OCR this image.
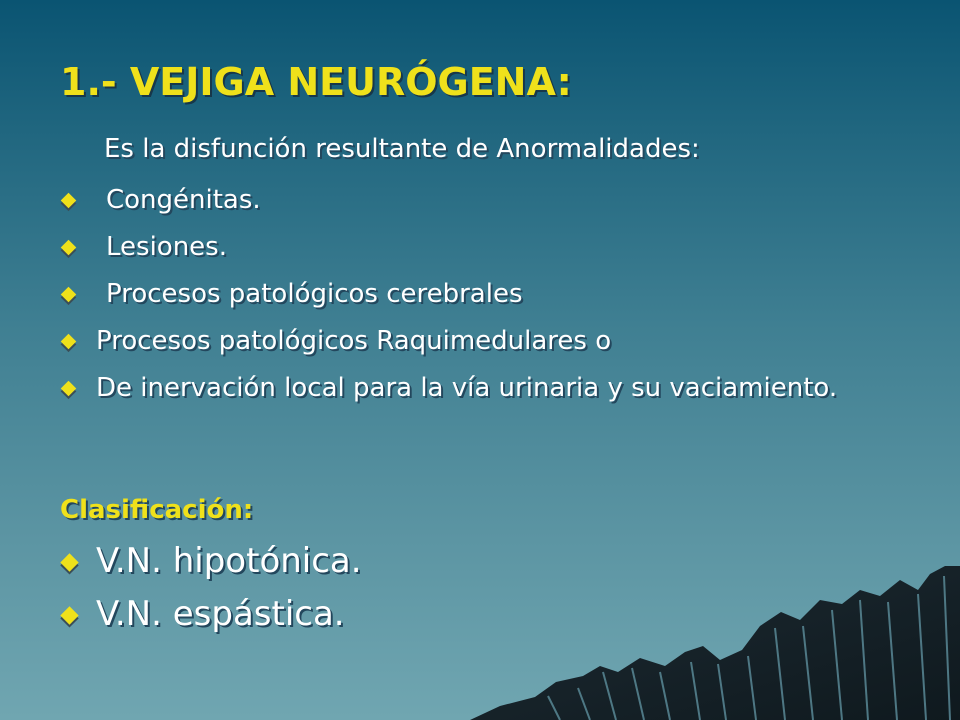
1.- VEJIGA NEURÓGENA:
Es la disfunción resultante de Anormalidades:
Congénitas.
Lesiones.
Procesos patológicos cerebrales
Procesos patológicos Raquimedulares o
De inervación local para la vía urinaria y su vaciamiento.
Clasificación:
V.N. hipotónica.
V.N. espástica.
